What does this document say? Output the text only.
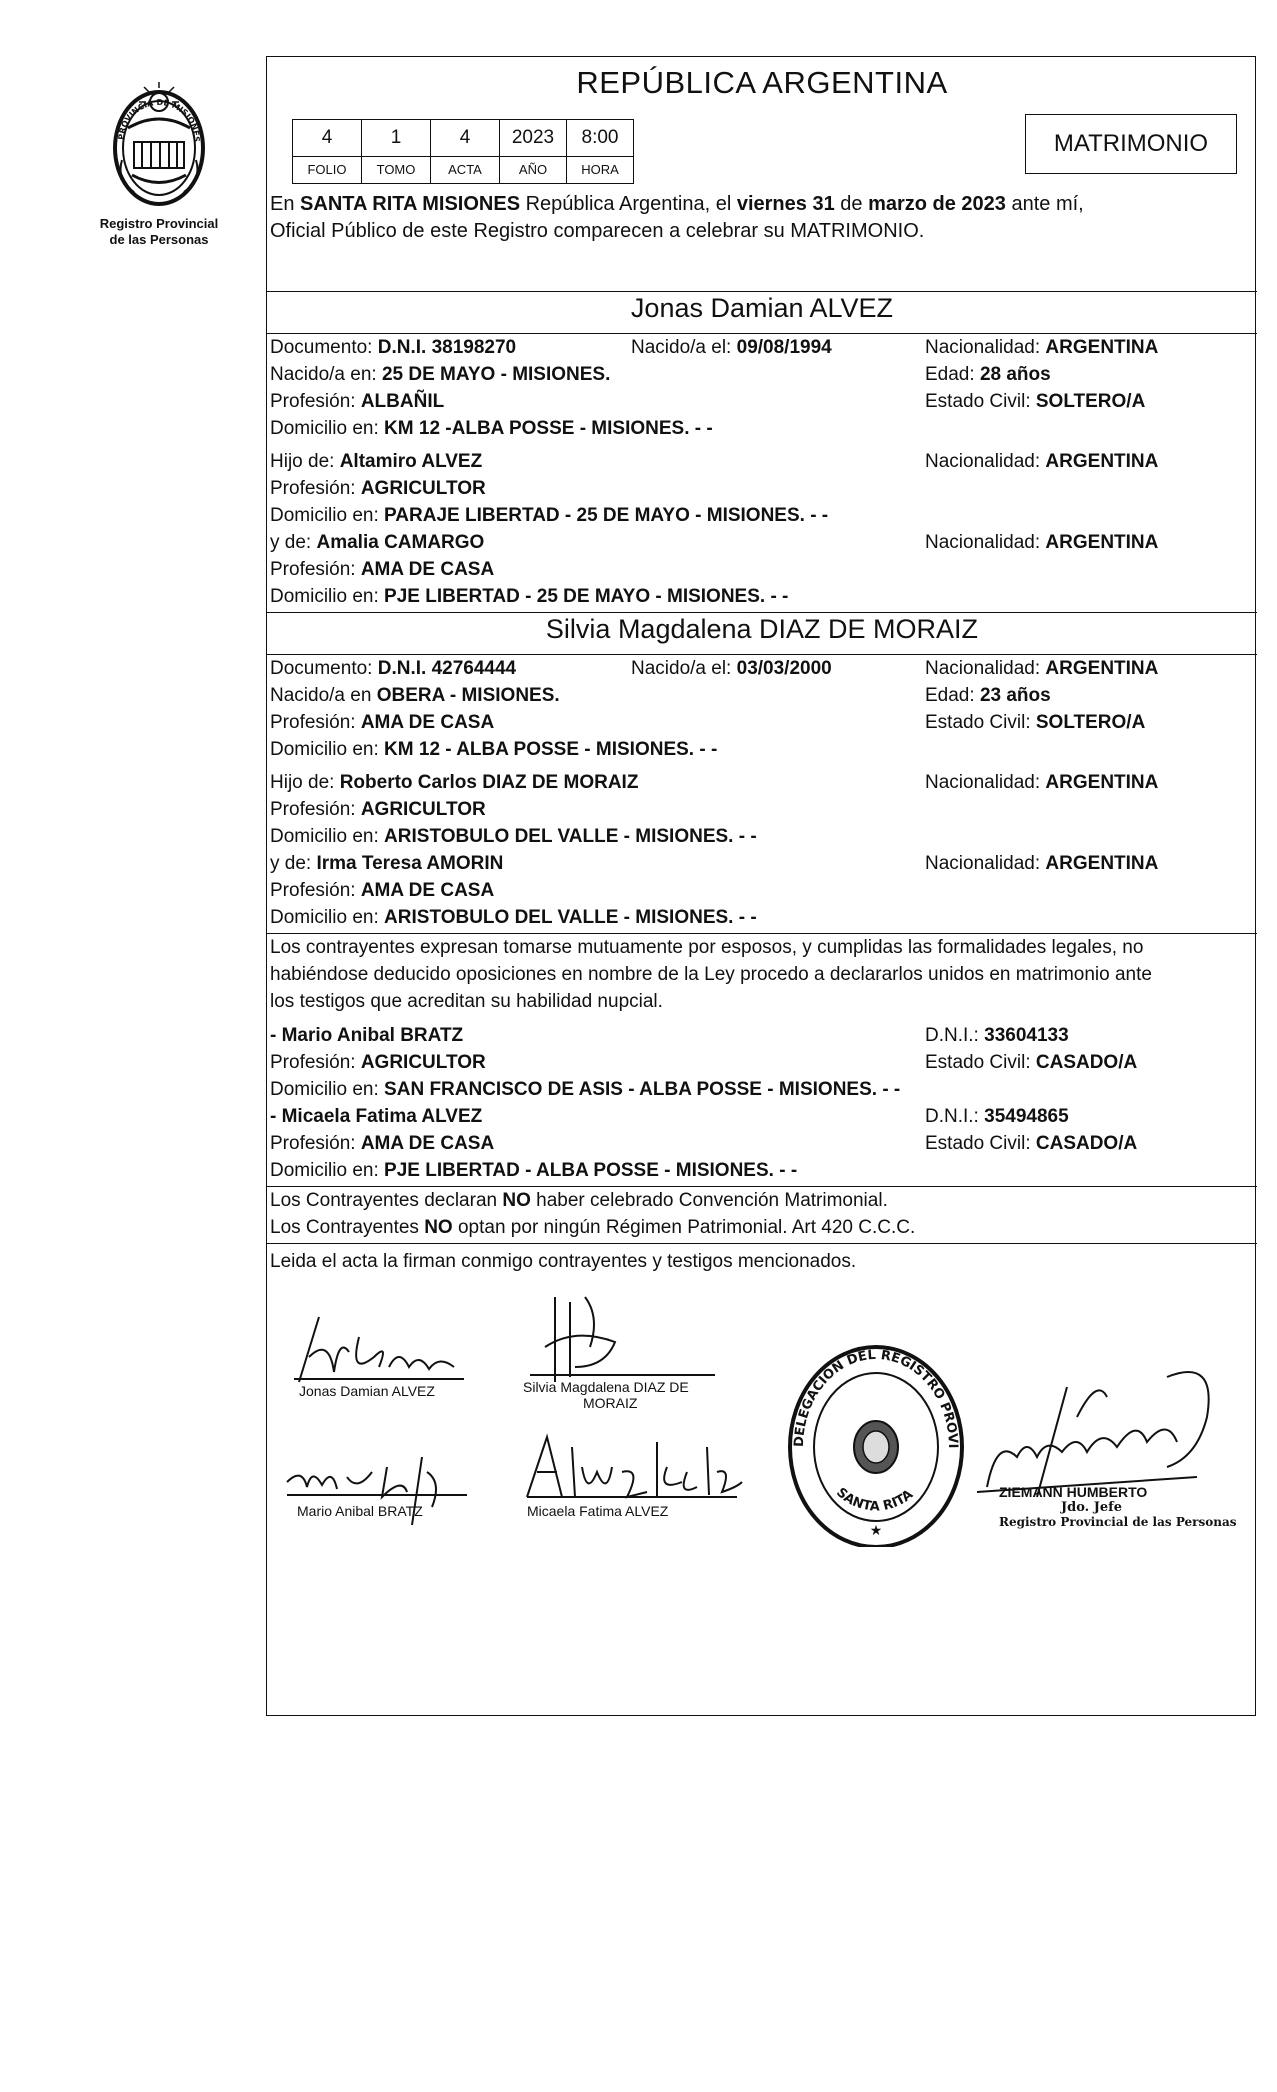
PROVINCIA DE MISIONES
Registro Provincial
de las Personas
REPÚBLICA ARGENTINA
4	1	4	2023	8:00
FOLIO	TOMO	ACTA	AÑO	HORA
MATRIMONIO
En SANTA RITA MISIONES República Argentina, el viernes 31 de marzo de 2023 ante mí,
Oficial Público de este Registro comparecen a celebrar su MATRIMONIO.
Jonas Damian ALVEZ
Documento: D.N.I. 38198270	Nacido/a el: 09/08/1994	Nacionalidad: ARGENTINA
Nacido/a en: 25 DE MAYO - MISIONES.	Edad: 28 años
Profesión: ALBAÑIL	Estado Civil: SOLTERO/A
Domicilio en: KM 12 -ALBA POSSE - MISIONES. - -
Hijo de: Altamiro ALVEZ	Nacionalidad: ARGENTINA
Profesión: AGRICULTOR
Domicilio en: PARAJE LIBERTAD - 25 DE MAYO - MISIONES. - -
y de: Amalia CAMARGO	Nacionalidad: ARGENTINA
Profesión: AMA DE CASA
Domicilio en: PJE LIBERTAD - 25 DE MAYO - MISIONES. - -
Silvia Magdalena DIAZ DE MORAIZ
Documento: D.N.I. 42764444	Nacido/a el: 03/03/2000	Nacionalidad: ARGENTINA
Nacido/a en OBERA - MISIONES.	Edad: 23 años
Profesión: AMA DE CASA	Estado Civil: SOLTERO/A
Domicilio en: KM 12 - ALBA POSSE - MISIONES. - -
Hijo de: Roberto Carlos DIAZ DE MORAIZ	Nacionalidad: ARGENTINA
Profesión: AGRICULTOR
Domicilio en: ARISTOBULO DEL VALLE - MISIONES. - -
y de: Irma Teresa AMORIN	Nacionalidad: ARGENTINA
Profesión: AMA DE CASA
Domicilio en: ARISTOBULO DEL VALLE - MISIONES. - -
Los contrayentes expresan tomarse mutuamente por esposos, y cumplidas las formalidades legales, no
habiéndose deducido oposiciones en nombre de la Ley procedo a declararlos unidos en matrimonio ante
los testigos que acreditan su habilidad nupcial.
- Mario Anibal BRATZ	D.N.I.: 33604133
Profesión: AGRICULTOR	Estado Civil: CASADO/A
Domicilio en: SAN FRANCISCO DE ASIS - ALBA POSSE - MISIONES. - -
- Micaela Fatima ALVEZ	D.N.I.: 35494865
Profesión: AMA DE CASA	Estado Civil: CASADO/A
Domicilio en: PJE LIBERTAD - ALBA POSSE - MISIONES. - -
Los Contrayentes declaran NO haber celebrado Convención Matrimonial.
Los Contrayentes NO optan por ningún Régimen Patrimonial. Art 420 C.C.C.
Leida el acta la firman conmigo contrayentes y testigos mencionados.
Jonas Damian ALVEZ	Silvia Magdalena DIAZ DE
MORAIZ
Mario Anibal BRATZ	Micaela Fatima ALVEZ
DELEGACION DEL REGISTRO PROVI
SANTA RITA
★
ZIEMANN HUMBERTO
Jdo. Jefe
Registro Provincial de las Personas
